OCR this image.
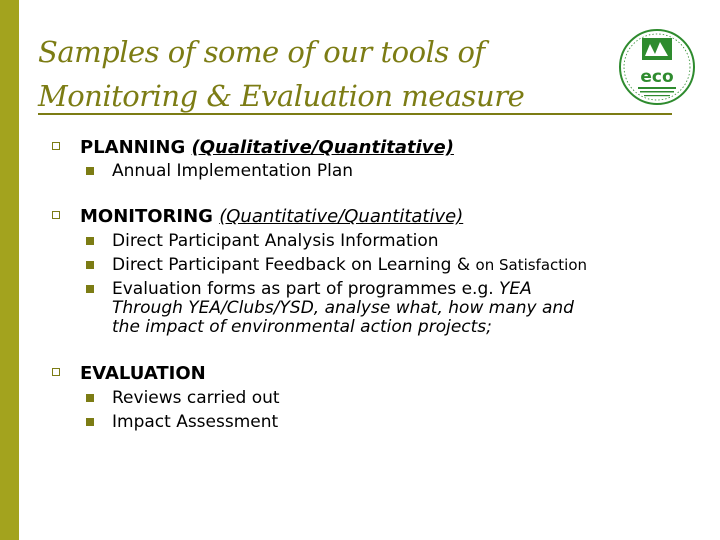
Samples of some of our tools of
Monitoring & Evaluation measure
eco
PLANNING (Qualitative/Quantitative)
Annual Implementation Plan
MONITORING (Quantitative/Quantitative)
Direct Participant Analysis Information
Direct Participant Feedback on Learning & on Satisfaction
Evaluation forms as part of programmes e.g. YEA
Through YEA/Clubs/YSD, analyse what, how many and
the impact of environmental action projects;
EVALUATION
Reviews carried out
Impact Assessment
